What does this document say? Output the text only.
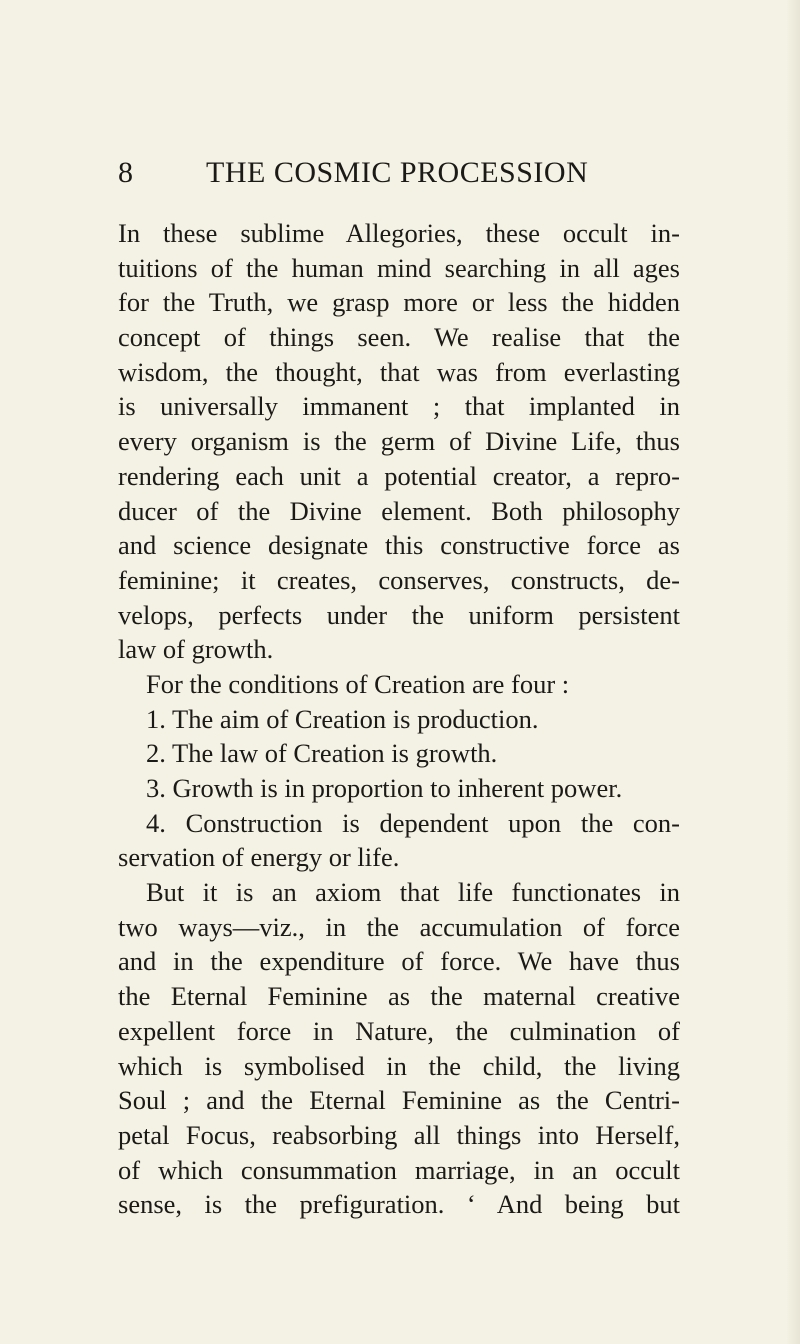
8 THE COSMIC PROCESSION
In these sublime Allegories, these occult in-
tuitions of the human mind searching in all ages
for the Truth, we grasp more or less the hidden
concept of things seen. We realise that the
wisdom, the thought, that was from everlasting
is universally immanent ; that implanted in
every organism is the germ of Divine Life, thus
rendering each unit a potential creator, a repro-
ducer of the Divine element. Both philosophy
and science designate this constructive force as
feminine; it creates, conserves, constructs, de-
velops, perfects under the uniform persistent
law of growth.
For the conditions of Creation are four :
1. The aim of Creation is production.
2. The law of Creation is growth.
3. Growth is in proportion to inherent power.
4. Construction is dependent upon the con-
servation of energy or life.
But it is an axiom that life functionates in
two ways—viz., in the accumulation of force
and in the expenditure of force. We have thus
the Eternal Feminine as the maternal creative
expellent force in Nature, the culmination of
which is symbolised in the child, the living
Soul ; and the Eternal Feminine as the Centri-
petal Focus, reabsorbing all things into Herself,
of which consummation marriage, in an occult
sense, is the prefiguration. ‘ And being but
